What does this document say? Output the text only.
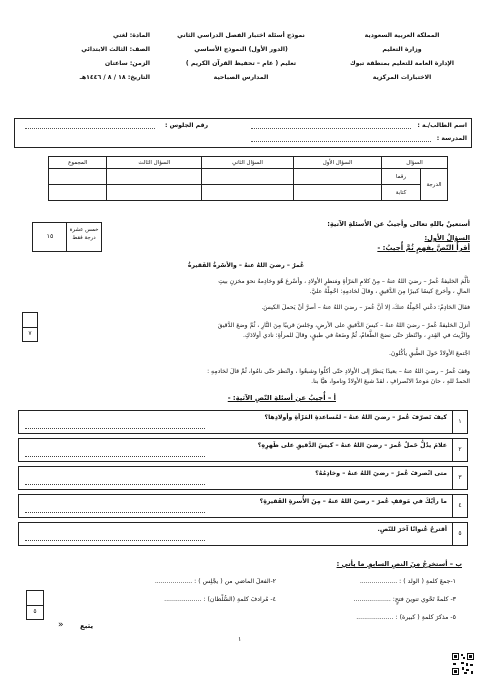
المملكة العربية السعودية
وزارة التعليم
الإدارة العامة للتعليم بمنطقة تبوك
الاختبارات المركزية
نموذج أسئلة اختبار الفصل الدراسي الثاني
(الدور الأول) النموذج الأساسي
تعليم ( عام – تحفيظ القرآن الكريم )
المدارس الصباحية
المادة: لغتي
الصف: الثالث الابتدائي
الزمن: ساعتان
التاريخ: ١٨ / ٨ / ١٤٤٦هـ
اسم الطالب/ـة :
رقم الجلوس :
المدرسة :
السؤال		السؤال الأول	السؤال الثاني	السؤال الثالث	المجموع
الدرجة	رقما				
	كتابة				
أستعينُ باللهِ تعالى وأجيبُ عن الأسئلةِ الآتيةِ:
خمس عشرة
درجة فقط
١٥	السؤالُ الأول:
أقرأُ النّصَّ بفهمٍ ثُمَّ أُجيبُ: -
عُمرُ – رضيَ اللهُ عنهُ – والأسْرةُ الفَقيرةُ
تألَّمَ الخليفةُ عُمرُ – رضيَ اللهُ عنهُ – مِنْ كلامِ المَرْأةِ ومَنظرِ الأولادِ ، وأسْرعَ هُوَ وخادِمهُ نحوَ مخزنِ بيتِ
المالِ ، وأخرجَ كيسًا كبيرًا مِنَ الدَّقيقِ ، وقالَ لخادمِهِ: احْمِلْهُ عليَّ.
فقالَ الخادِمُ: دعْني أحْمِلْهُ عنكَ، إلا أنَّ عُمرَ – رضيَ اللهُ عنهُ – أصرَّ أنْ يَحملَ الكيسَ.
أنزلَ الخليفةُ عُمرُ – رضيَ اللهُ عنهُ – كيسَ الدَّقيقِ على الأرضِ، وجَلسَ قريبًا مِنَ النَّارِ ، ثُمَّ وضعَ الدَّقيقَ
والزَّيتَ في القِدرِ ، وانْتَظرَ حتّى نضجَ الطَّعامُ، ثُمَّ وضَعهُ في طبقٍ، وقالَ للمرأةِ: نادي أولادَكِ.
اجْتمعَ الأولادُ حَولَ الطَّبقِ يأكُلونَ.
وقفَ عُمرُ – رضيَ اللهُ عنهُ – بعيدًا يَنظرُ إلى الأولادِ حتّى أكلُوا وشبعُوا ، وانْتظرَ حتّى نامُوا، ثُمَّ قالَ لخادمِهِ :
الحمدُ للهِ ، حانَ مَوعدُ الانْصرافِ ، لقدْ شبعَ الأولادُ وناموا، هيَّا بنا.
٧
أ – أُجيبُ عن أسئلةِ النّصِ الآتيةِ: -
١
كيفَ تَصرّفَ عُمرُ – رضيَ اللهُ عنهُ – لمُساعدةِ المَرْأةِ وأولادِها؟
٢
علامَ يدُلُّ حَملُ عُمرَ – رضيَ اللهُ عنهُ – كيسَ الدَّقيقِ على ظَهرِهِ؟
٣
متى انْصرفَ عُمرُ – رضيَ اللهُ عنهُ – وخادِمُهُ؟
٤
ما رأيُكَ في مَوقفِ عُمرَ – رضيَ اللهُ عنهُ – مِنَ الأُسرةِ الفَقيرةِ؟
٥
أقترحُ عُنوانًا آخرَ للنّصِ.
ب – أستخرجُ مِنَ النصِ السابقِ ما يأتي :
١-جمعَ كلمةِ ( الولد ) : ...................
٢-الفعلَ الماضي من ( يجْلِس ) : ...................
٣- كلمةً تَحْوي تنوينَ فتحٍ: ...................
٤- مُرادفَ كلمةِ (السُّلْطان) : ...................
٥- مذكرَ كلمةِ ( كبيرة) : ...................
٥
يتبع
«
١
